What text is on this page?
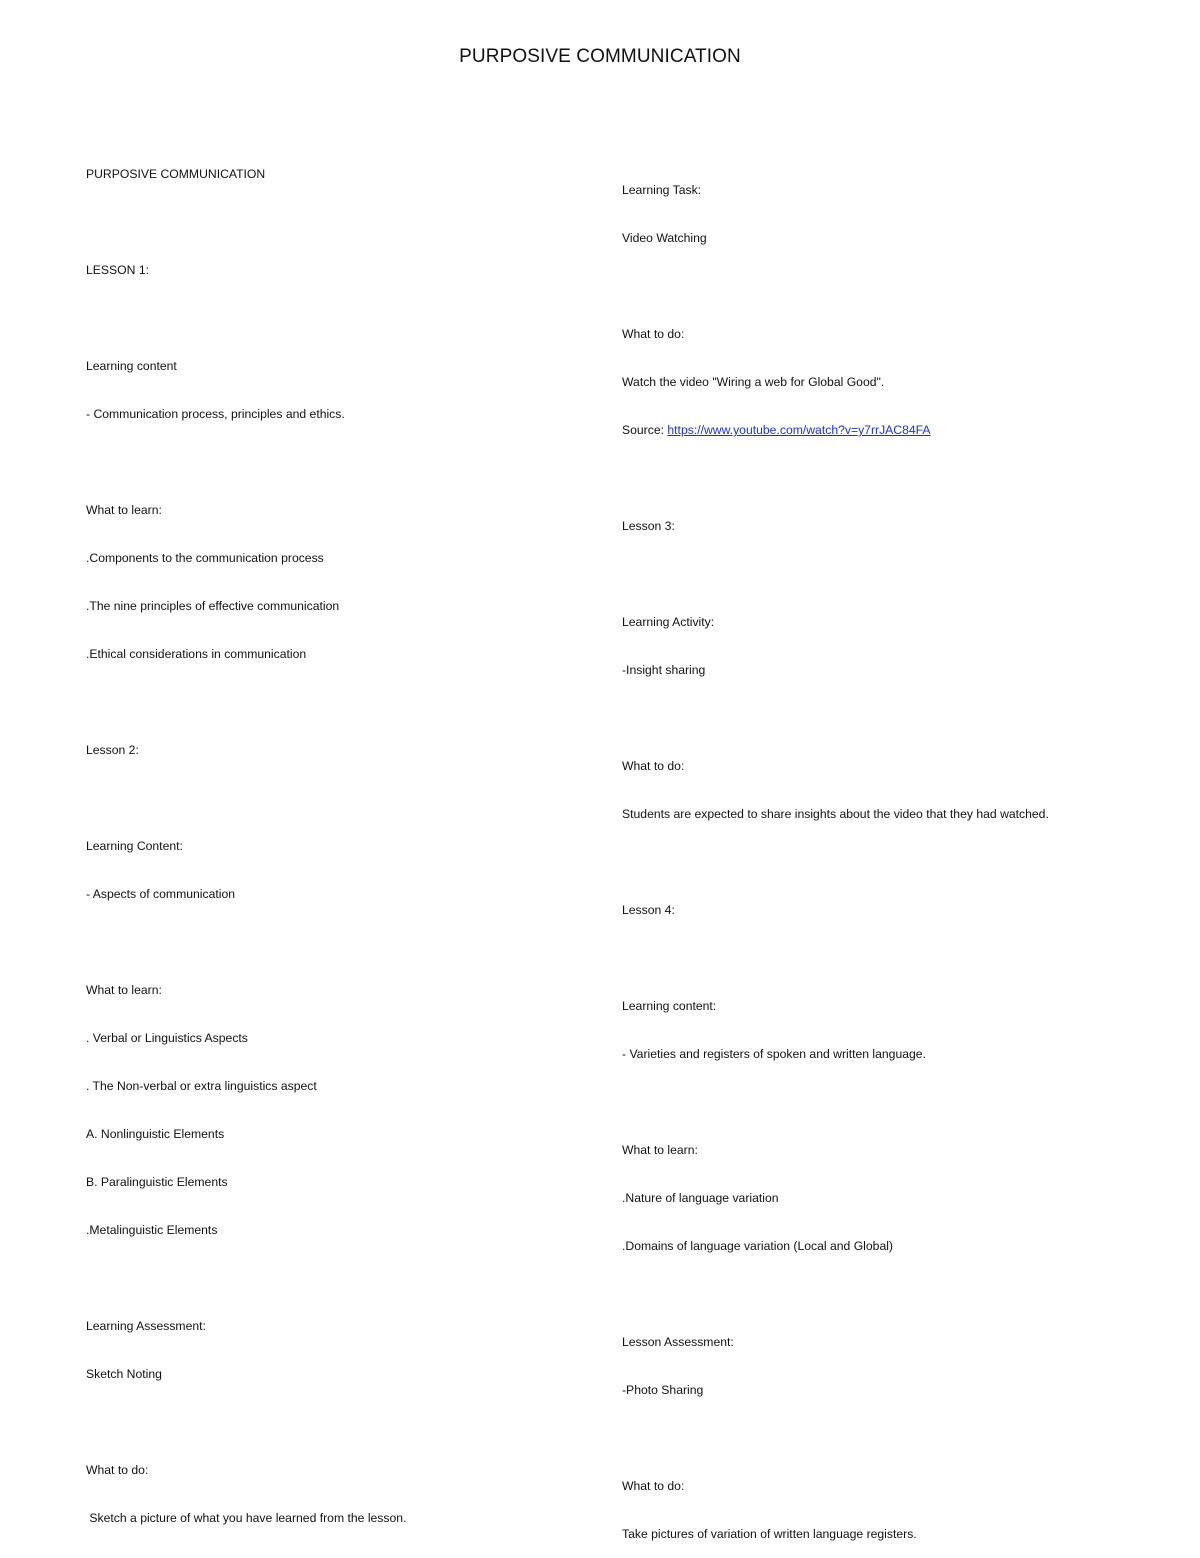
PURPOSIVE COMMUNICATION

PURPOSIVE COMMUNICATION

LESSON 1:

Learning content

- Communication process, principles and ethics.

What to learn:

.Components to the communication process

.The nine principles of effective communication

.Ethical considerations in communication

Lesson 2:

Learning Content:

- Aspects of communication

What to learn:

. Verbal or Linguistics Aspects

. The Non-verbal or extra linguistics aspect

A. Nonlinguistic Elements

B. Paralinguistic Elements

.Metalinguistic Elements

Learning Assessment:

Sketch Noting

What to do:

Sketch a picture of what you have learned from the lesson.

Learning Task:

Video Watching

What to do:

Watch the video "Wiring a web for Global Good".

Source: https://www.youtube.com/watch?v=y7rrJAC84FA

Lesson 3:

Learning Activity:

-Insight sharing

What to do:

Students are expected to share insights about the video that they had watched.

Lesson 4:

Learning content:

- Varieties and registers of spoken and written language.

What to learn:

.Nature of language variation

.Domains of language variation (Local and Global)

Lesson Assessment:

-Photo Sharing

What to do:

Take pictures of variation of written language registers.
